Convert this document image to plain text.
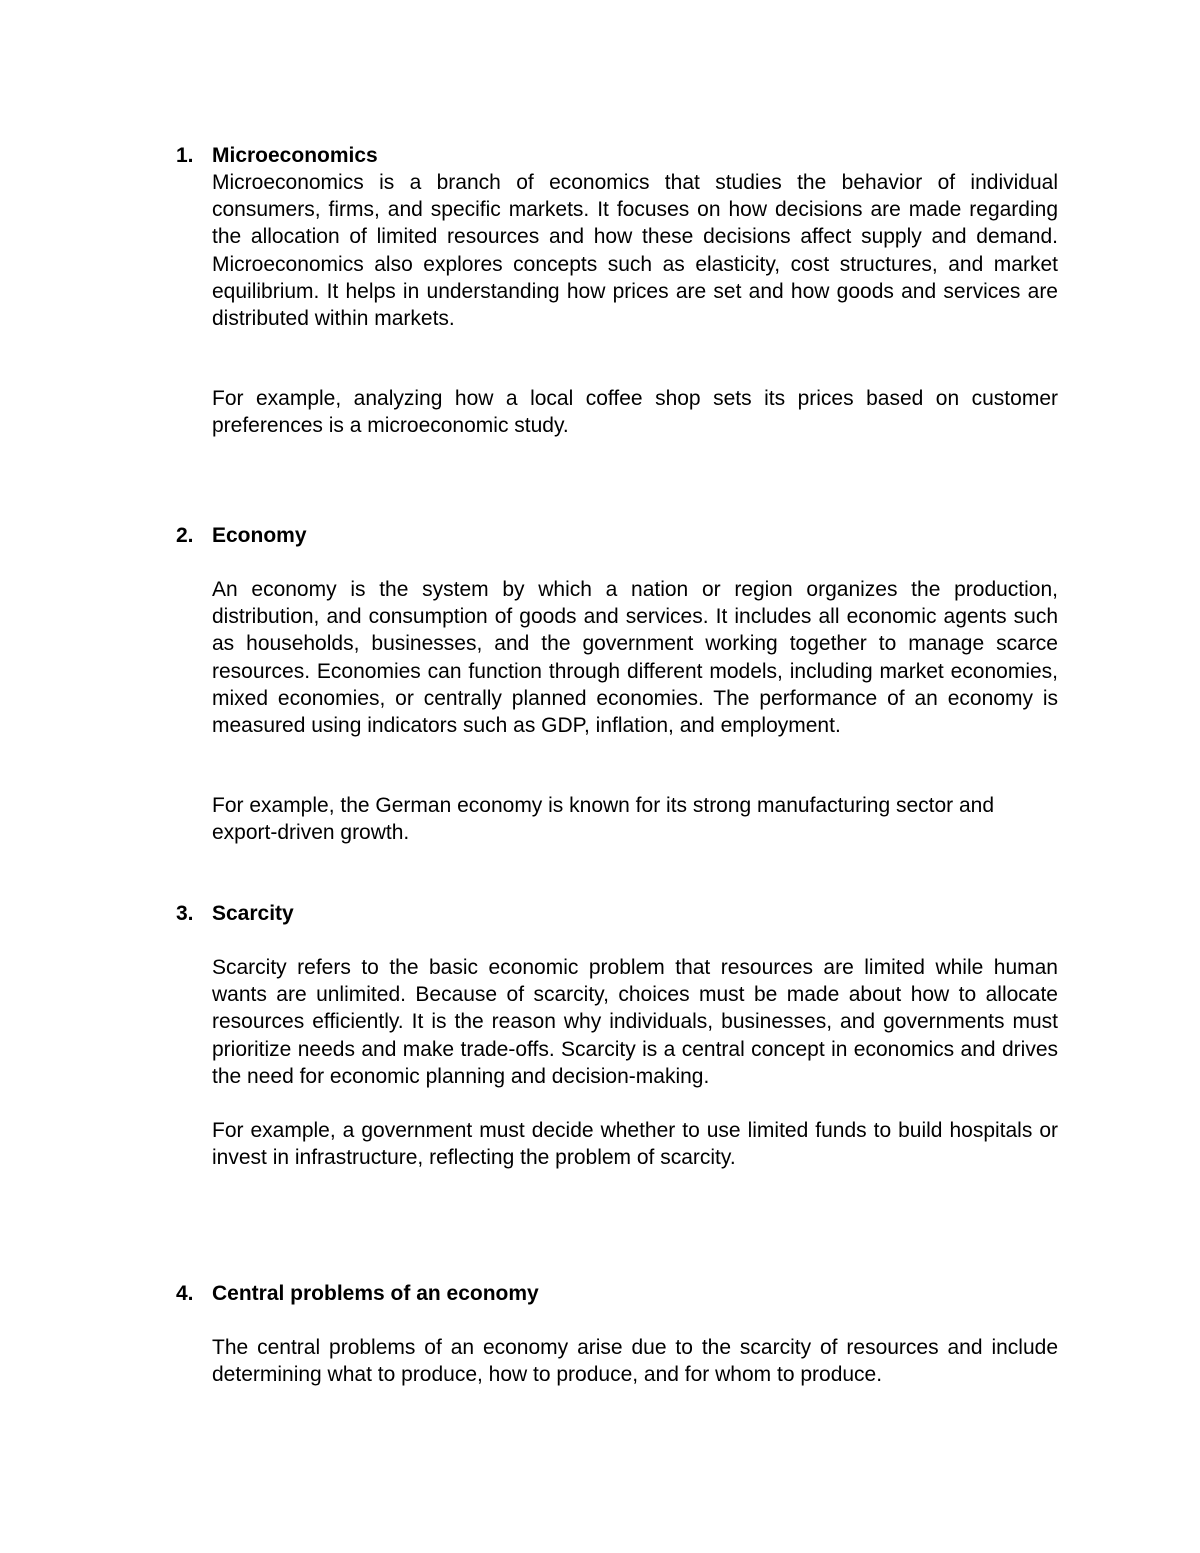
1. Microeconomics
Microeconomics is a branch of economics that studies the behavior of individual consumers, firms, and specific markets. It focuses on how decisions are made regarding the allocation of limited resources and how these decisions affect supply and demand. Microeconomics also explores concepts such as elasticity, cost structures, and market equilibrium. It helps in understanding how prices are set and how goods and services are distributed within markets.
For example, analyzing how a local coffee shop sets its prices based on customer preferences is a microeconomic study.
2. Economy
An economy is the system by which a nation or region organizes the production, distribution, and consumption of goods and services. It includes all economic agents such as households, businesses, and the government working together to manage scarce resources. Economies can function through different models, including market economies, mixed economies, or centrally planned economies. The performance of an economy is measured using indicators such as GDP, inflation, and employment.
For example, the German economy is known for its strong manufacturing sector and export-driven growth.
3. Scarcity
Scarcity refers to the basic economic problem that resources are limited while human wants are unlimited. Because of scarcity, choices must be made about how to allocate resources efficiently. It is the reason why individuals, businesses, and governments must prioritize needs and make trade-offs. Scarcity is a central concept in economics and drives the need for economic planning and decision-making.
For example, a government must decide whether to use limited funds to build hospitals or invest in infrastructure, reflecting the problem of scarcity.
4. Central problems of an economy
The central problems of an economy arise due to the scarcity of resources and include determining what to produce, how to produce, and for whom to produce.
